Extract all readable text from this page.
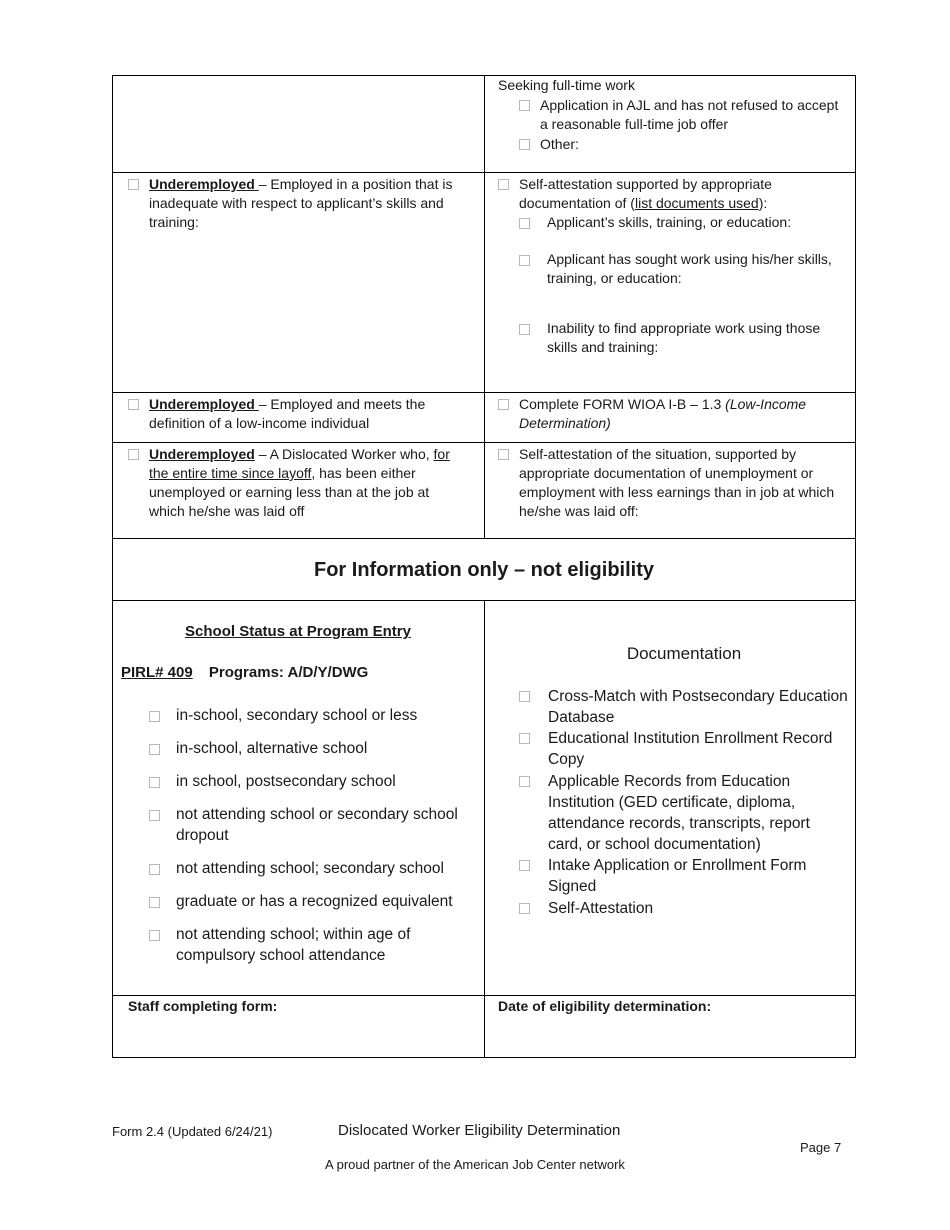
Seeking full-time work
Application in AJL and has not refused to accept a reasonable full-time job offer
Other:
Underemployed – Employed in a position that is inadequate with respect to applicant’s skills and training:
Self-attestation supported by appropriate documentation of (list documents used):
Applicant’s skills, training, or education:
Applicant has sought work using his/her skills, training, or education:
Inability to find appropriate work using those skills and training:
Underemployed – Employed and meets the definition of a low-income individual
Complete FORM WIOA I-B – 1.3 (Low-Income Determination)
Underemployed – A Dislocated Worker who, for the entire time since layoff, has been either unemployed or earning less than at the job at which he/she was laid off
Self-attestation of the situation, supported by appropriate documentation of unemployment or employment with less earnings than in job at which he/she was laid off:
For Information only – not eligibility
School Status at Program Entry
PIRL# 409 Programs: A/D/Y/DWG
in-school, secondary school or less
in-school, alternative school
in school, postsecondary school
not attending school or secondary school dropout
not attending school; secondary school
graduate or has a recognized equivalent
not attending school; within age of compulsory school attendance
Documentation
Cross-Match with Postsecondary Education Database
Educational Institution Enrollment Record Copy
Applicable Records from Education Institution (GED certificate, diploma, attendance records, transcripts, report card, or school documentation)
Intake Application or Enrollment Form Signed
Self-Attestation
Staff completing form:	Date of eligibility determination:
Form 2.4 (Updated 6/24/21)	Dislocated Worker Eligibility Determination
Page 7
A proud partner of the American Job Center network
